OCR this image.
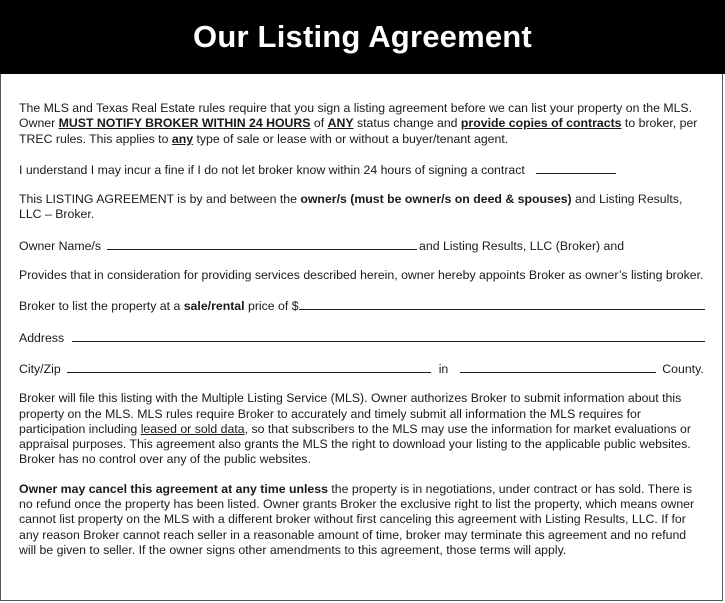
Our Listing Agreement

The MLS and Texas Real Estate rules require that you sign a listing agreement before we can list your property on the MLS. Owner MUST NOTIFY BROKER WITHIN 24 HOURS of ANY status change and provide copies of contracts to broker, per TREC rules. This applies to any type of sale or lease with or without a buyer/tenant agent.

I understand I may incur a fine if I do not let broker know within 24 hours of signing a contract

This LISTING AGREEMENT is by and between the owner/s (must be owner/s on deed & spouses) and Listing Results, LLC – Broker.

Owner Name/s	and Listing Results, LLC (Broker) and

Provides that in consideration for providing services described herein, owner hereby appoints Broker as owner’s listing broker.

Broker to list the property at a sale/rental price of $
Address
City/Zip	in	County.

Broker will file this listing with the Multiple Listing Service (MLS). Owner authorizes Broker to submit information about this property on the MLS. MLS rules require Broker to accurately and timely submit all information the MLS requires for participation including leased or sold data, so that subscribers to the MLS may use the information for market evaluations or appraisal purposes. This agreement also grants the MLS the right to download your listing to the applicable public websites. Broker has no control over any of the public websites.

Owner may cancel this agreement at any time unless the property is in negotiations, under contract or has sold. There is no refund once the property has been listed. Owner grants Broker the exclusive right to list the property, which means owner cannot list property on the MLS with a different broker without first canceling this agreement with Listing Results, LLC. If for any reason Broker cannot reach seller in a reasonable amount of time, broker may terminate this agreement and no refund will be given to seller. If the owner signs other amendments to this agreement, those terms will apply.
